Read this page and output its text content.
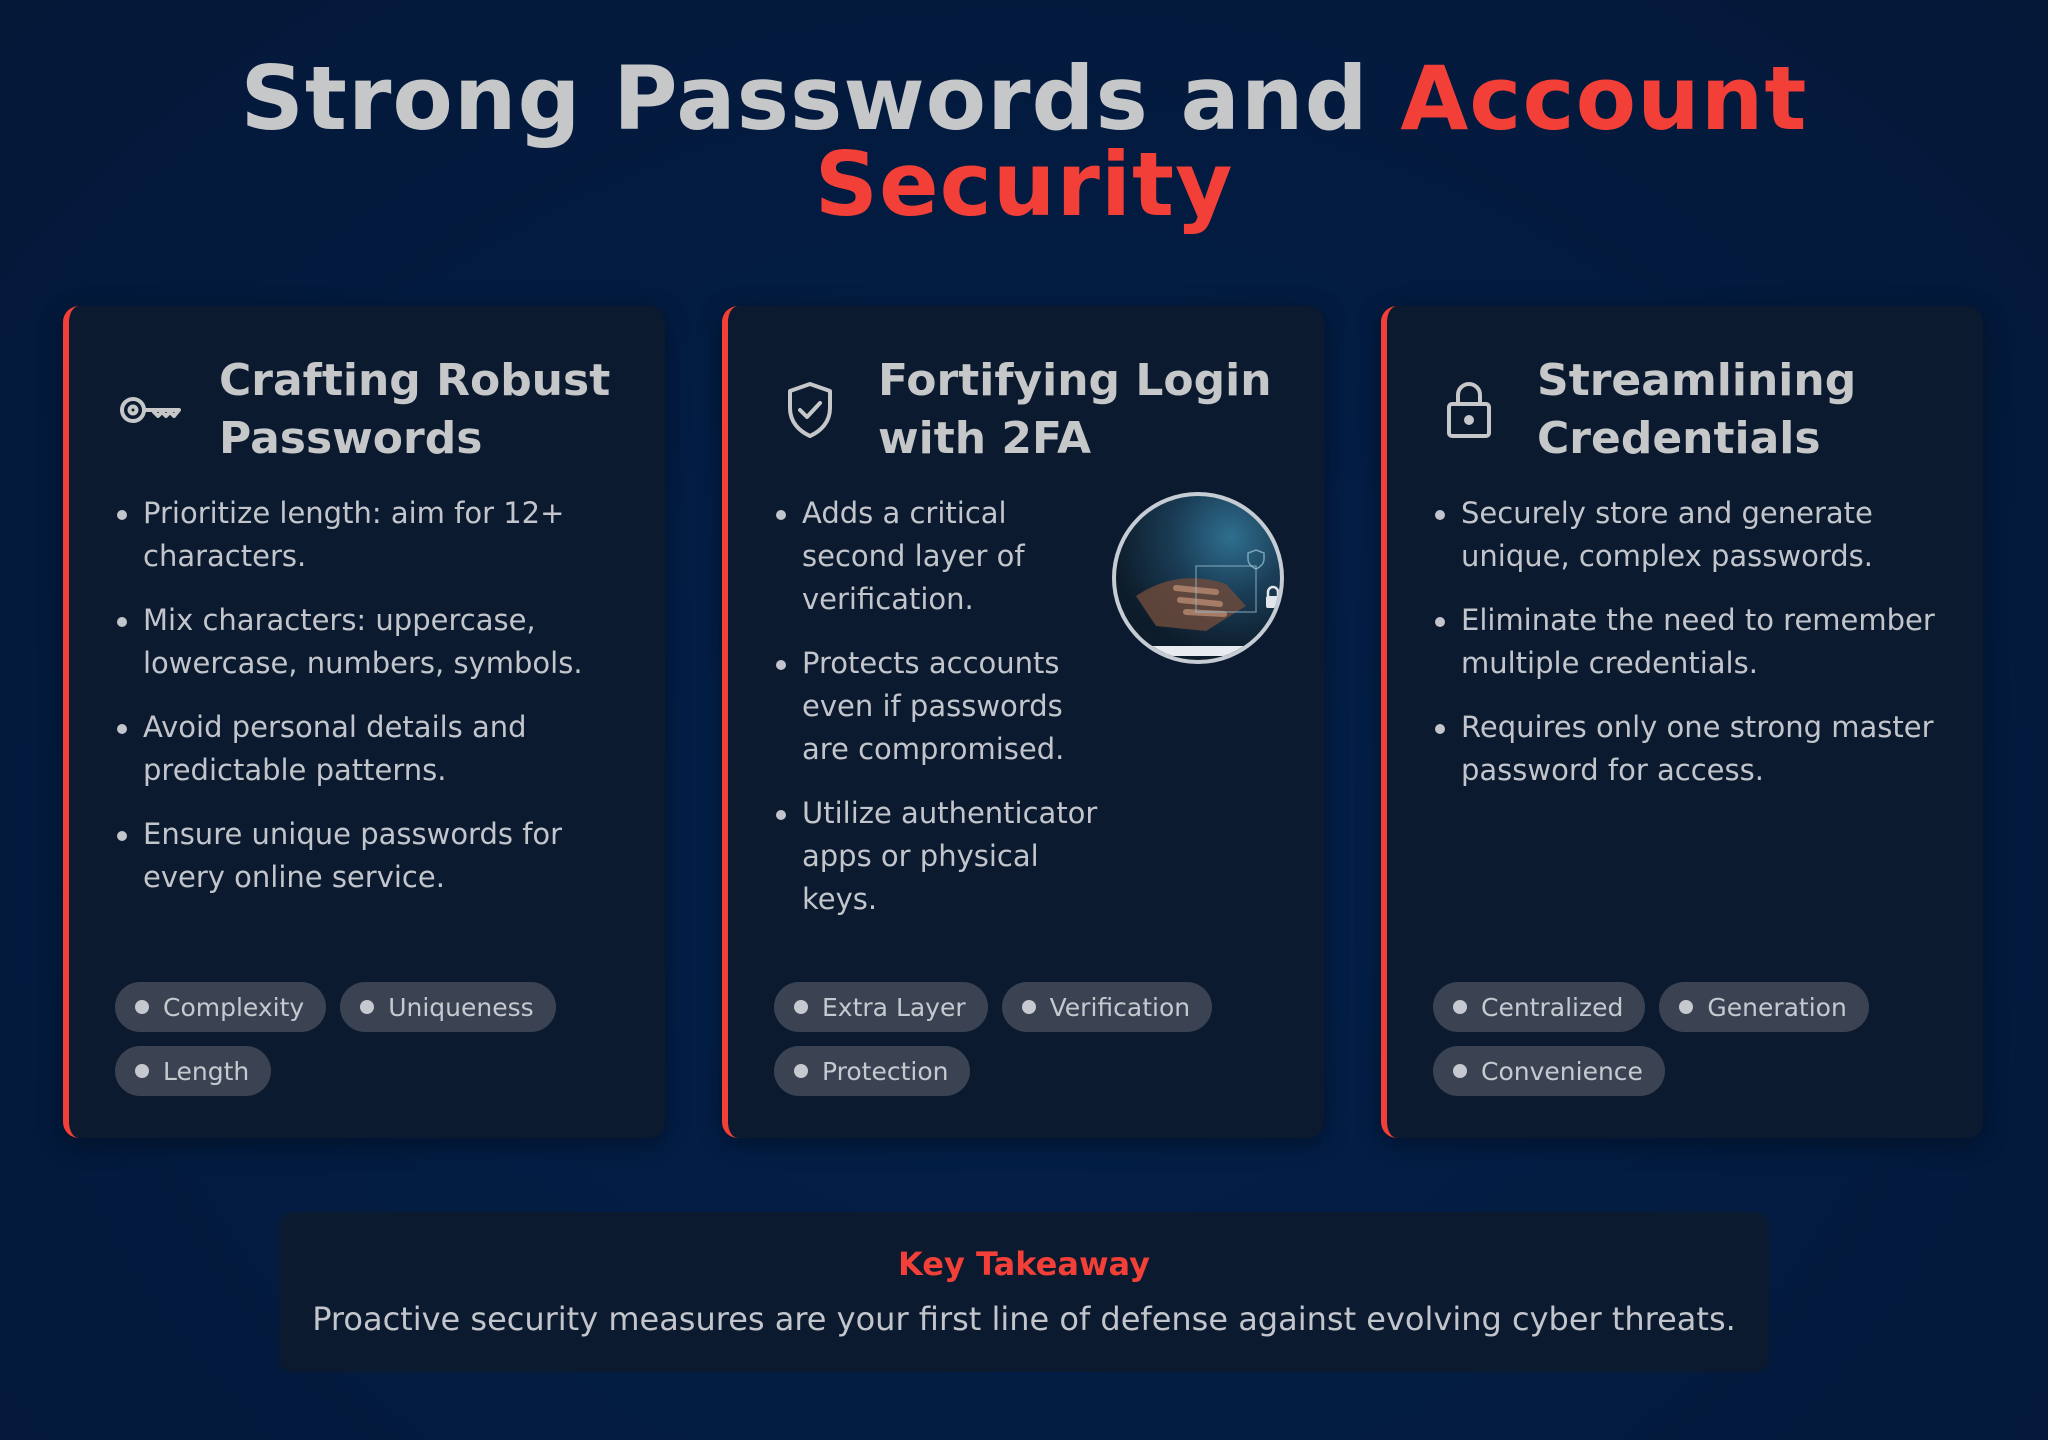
Strong Passwords and Account
Security
Crafting Robust Passwords
Prioritize length: aim for 12+ characters.
Mix characters: uppercase, lowercase, numbers, symbols.
Avoid personal details and predictable patterns.
Ensure unique passwords for every online service.
Complexity	Uniqueness
Length
Fortifying Login with 2FA
Adds a critical second layer of verification.
Protects accounts even if passwords are compromised.
Utilize authenticator apps or physical keys.
Extra Layer	Verification
Protection
Streamlining Credentials
Securely store and generate unique, complex passwords.
Eliminate the need to remember multiple credentials.
Requires only one strong master password for access.
Centralized	Generation
Convenience
Key Takeaway
Proactive security measures are your first line of defense against evolving cyber threats.
